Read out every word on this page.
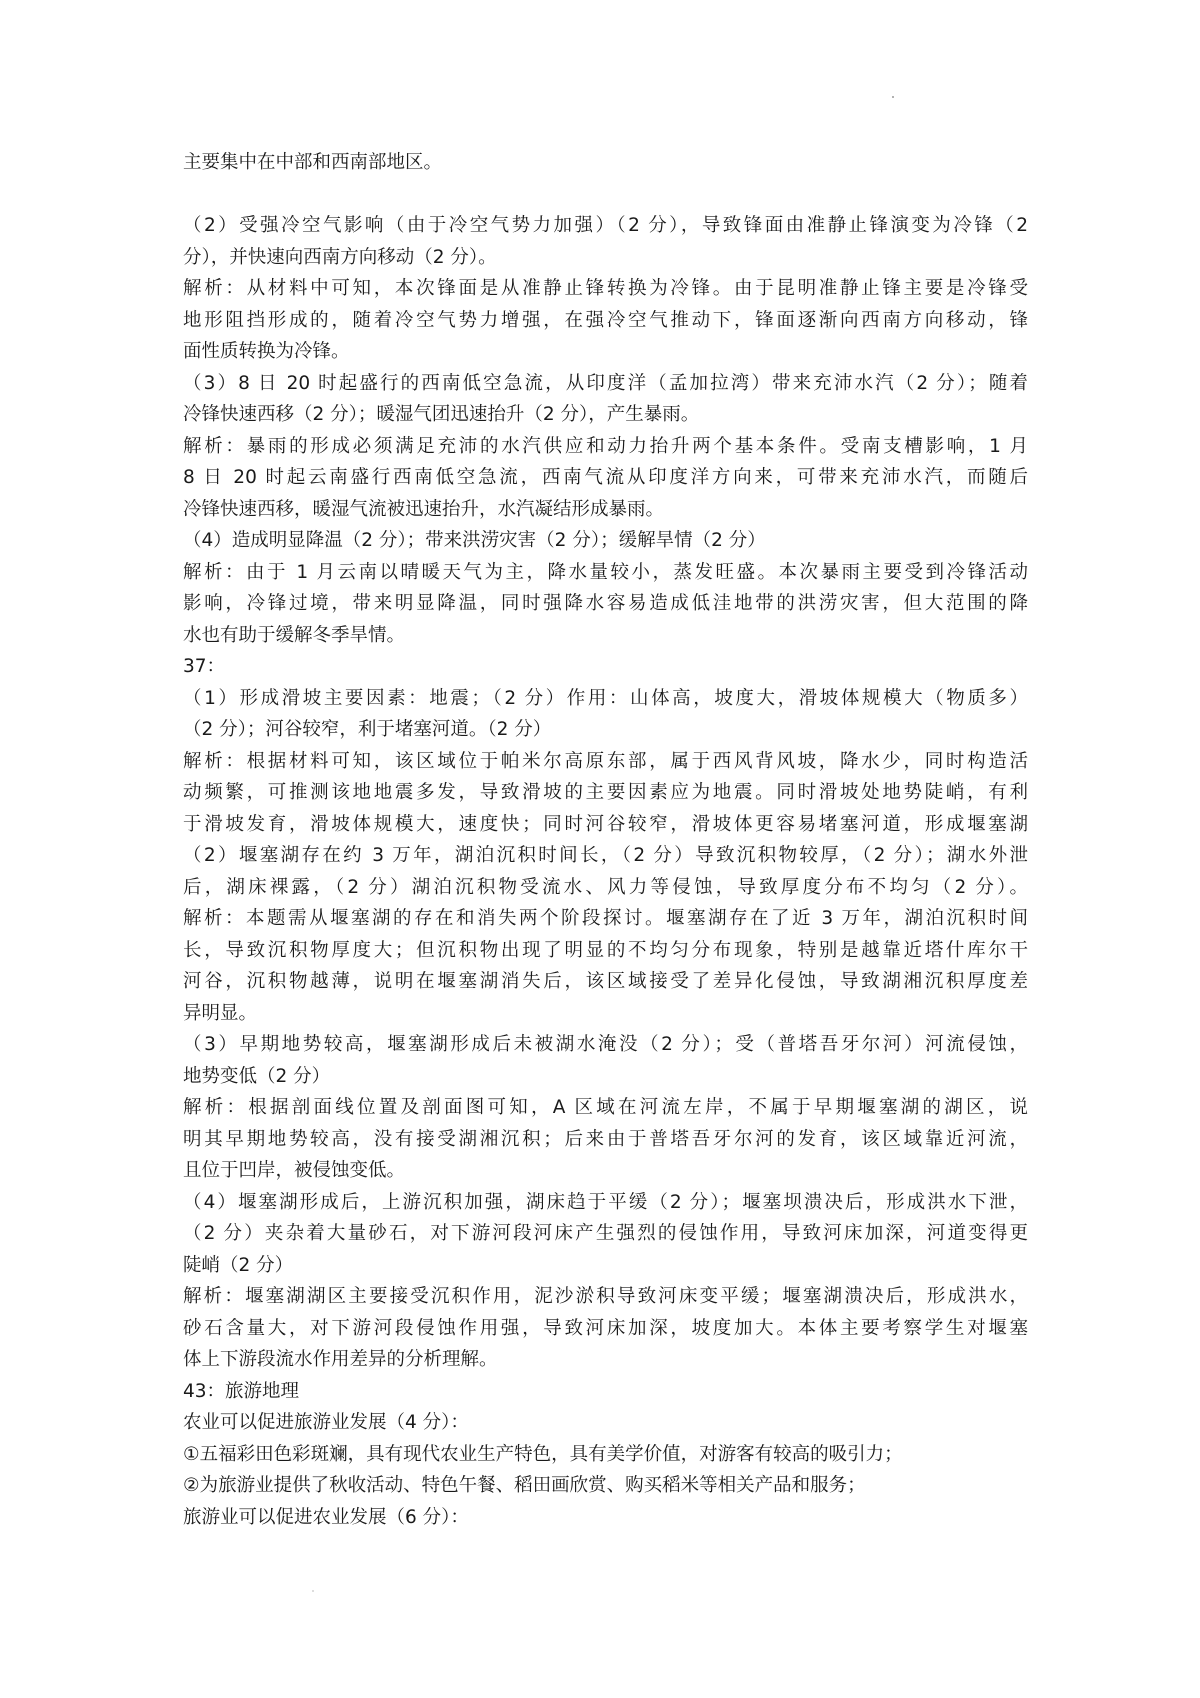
主要集中在中部和西南部地区。
（2）受强冷空气影响（由于冷空气势力加强）（2 分），导致锋面由准静止锋演变为冷锋（2
分），并快速向西南方向移动（2 分）。
解析：从材料中可知，本次锋面是从准静止锋转换为冷锋。由于昆明准静止锋主要是冷锋受
地形阻挡形成的，随着冷空气势力增强，在强冷空气推动下，锋面逐渐向西南方向移动，锋
面性质转换为冷锋。
（3）8 日 20 时起盛行的西南低空急流，从印度洋（孟加拉湾）带来充沛水汽（2 分）；随着
冷锋快速西移（2 分）；暖湿气团迅速抬升（2 分），产生暴雨。
解析：暴雨的形成必须满足充沛的水汽供应和动力抬升两个基本条件。受南支槽影响，1 月
8 日 20 时起云南盛行西南低空急流，西南气流从印度洋方向来，可带来充沛水汽，而随后
冷锋快速西移，暖湿气流被迅速抬升，水汽凝结形成暴雨。
（4）造成明显降温（2 分）；带来洪涝灾害（2 分）；缓解旱情（2 分）
解析：由于 1 月云南以晴暖天气为主，降水量较小，蒸发旺盛。本次暴雨主要受到冷锋活动
影响，冷锋过境，带来明显降温，同时强降水容易造成低洼地带的洪涝灾害，但大范围的降
水也有助于缓解冬季旱情。
37：
（1）形成滑坡主要因素：地震；（2 分）作用：山体高，坡度大，滑坡体规模大（物质多）
（2 分）；河谷较窄，利于堵塞河道。（2 分）
解析：根据材料可知，该区域位于帕米尔高原东部，属于西风背风坡，降水少，同时构造活
动频繁，可推测该地地震多发，导致滑坡的主要因素应为地震。同时滑坡处地势陡峭，有利
于滑坡发育，滑坡体规模大，速度快；同时河谷较窄，滑坡体更容易堵塞河道，形成堰塞湖
（2）堰塞湖存在约 3 万年，湖泊沉积时间长，（2 分）导致沉积物较厚，（2 分）；湖水外泄
后，湖床裸露，（2 分）湖泊沉积物受流水、风力等侵蚀，导致厚度分布不均匀（2 分）。
解析：本题需从堰塞湖的存在和消失两个阶段探讨。堰塞湖存在了近 3 万年，湖泊沉积时间
长，导致沉积物厚度大；但沉积物出现了明显的不均匀分布现象，特别是越靠近塔什库尔干
河谷，沉积物越薄，说明在堰塞湖消失后，该区域接受了差异化侵蚀，导致湖湘沉积厚度差
异明显。
（3）早期地势较高，堰塞湖形成后未被湖水淹没（2 分）；受（普塔吾牙尔河）河流侵蚀，
地势变低（2 分）
解析：根据剖面线位置及剖面图可知，A 区域在河流左岸，不属于早期堰塞湖的湖区，说
明其早期地势较高，没有接受湖湘沉积；后来由于普塔吾牙尔河的发育，该区域靠近河流，
且位于凹岸，被侵蚀变低。
（4）堰塞湖形成后，上游沉积加强，湖床趋于平缓（2 分）；堰塞坝溃决后，形成洪水下泄，
（2 分）夹杂着大量砂石，对下游河段河床产生强烈的侵蚀作用，导致河床加深，河道变得更
陡峭（2 分）
解析：堰塞湖湖区主要接受沉积作用，泥沙淤积导致河床变平缓；堰塞湖溃决后，形成洪水，
砂石含量大，对下游河段侵蚀作用强，导致河床加深，坡度加大。本体主要考察学生对堰塞
体上下游段流水作用差异的分析理解。
43：旅游地理
农业可以促进旅游业发展（4 分）：
①五福彩田色彩斑斓，具有现代农业生产特色，具有美学价值，对游客有较高的吸引力；
②为旅游业提供了秋收活动、特色午餐、稻田画欣赏、购买稻米等相关产品和服务；
旅游业可以促进农业发展（6 分）：
